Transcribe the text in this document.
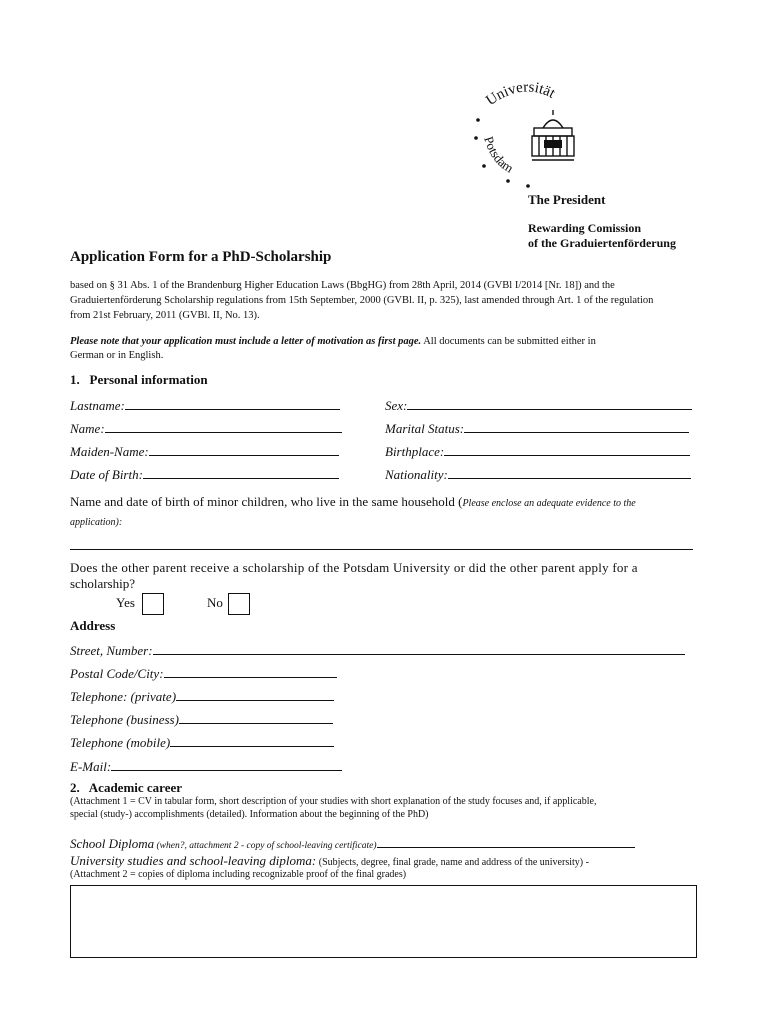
Universität
Potsdam
The President
Rewarding Comission
of the Graduiertenförderung
Application Form for a PhD-Scholarship
based on § 31 Abs. 1 of the Brandenburg Higher Education Laws (BbgHG) from 28th April, 2014 (GVBl I/2014 [Nr. 18]) and the
Graduiertenförderung Scholarship regulations from 15th September, 2000 (GVBl. II, p. 325), last amended through Art. 1 of the regulation
from 21st February, 2011 (GVBl. II, No. 13).
Please note that your application must include a letter of motivation as first page. All documents can be submitted either in
German or in English.
1.   Personal information
Lastname:	Sex:
Name:	Marital Status:
Maiden-Name:	Birthplace:
Date of Birth:	Nationality:
Name and date of birth of minor children, who live in the same household (Please enclose an adequate evidence to the
application):
Does the other parent receive a scholarship of the Potsdam University or did the other parent apply for a
scholarship?
Yes	No
Address
Street, Number:
Postal Code/City:
Telephone: (private)
Telephone (business)
Telephone (mobile)
E-Mail:
2.   Academic career
(Attachment 1 = CV in tabular form, short description of your studies with short explanation of the study focuses and, if applicable,
special (study-) accomplishments (detailed). Information about the beginning of the PhD)
School Diploma (when?, attachment 2 - copy of school-leaving certificate)
University studies and school-leaving diploma: (Subjects, degree, final grade, name and address of the university) -
(Attachment 2 = copies of diploma including recognizable proof of the final grades)
